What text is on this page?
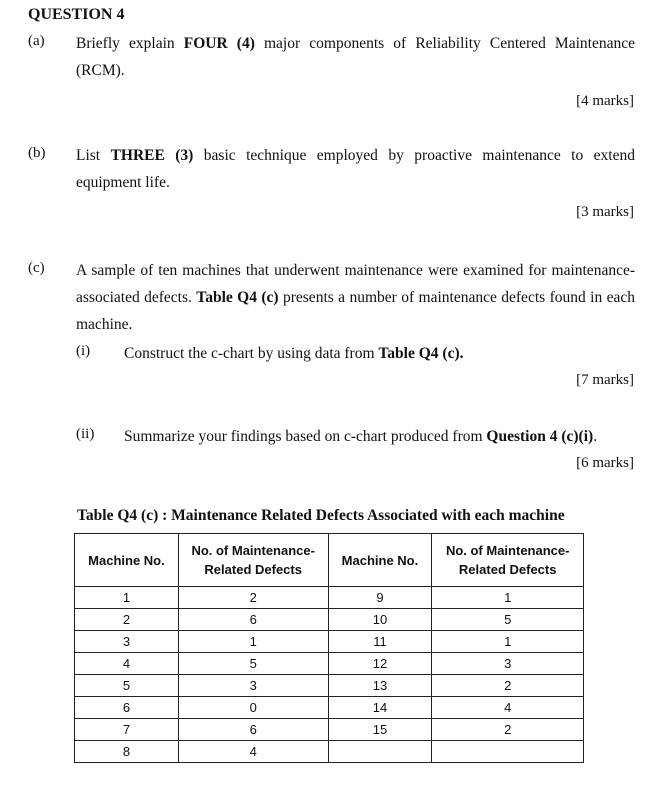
QUESTION 4
(a) Briefly explain FOUR (4) major components of Reliability Centered Maintenance (RCM).
[4 marks]
(b) List THREE (3) basic technique employed by proactive maintenance to extend equipment life.
[3 marks]
(c) A sample of ten machines that underwent maintenance were examined for maintenance-associated defects. Table Q4 (c) presents a number of maintenance defects found in each machine.
(i) Construct the c-chart by using data from Table Q4 (c).
[7 marks]
(ii) Summarize your findings based on c-chart produced from Question 4 (c)(i).
[6 marks]
Table Q4 (c) : Maintenance Related Defects Associated with each machine
Machine No.	No. of Maintenance-Related Defects	Machine No.	No. of Maintenance-Related Defects
1	2	9	1
2	6	10	5
3	1	11	1
4	5	12	3
5	3	13	2
6	0	14	4
7	6	15	2
8	4		
